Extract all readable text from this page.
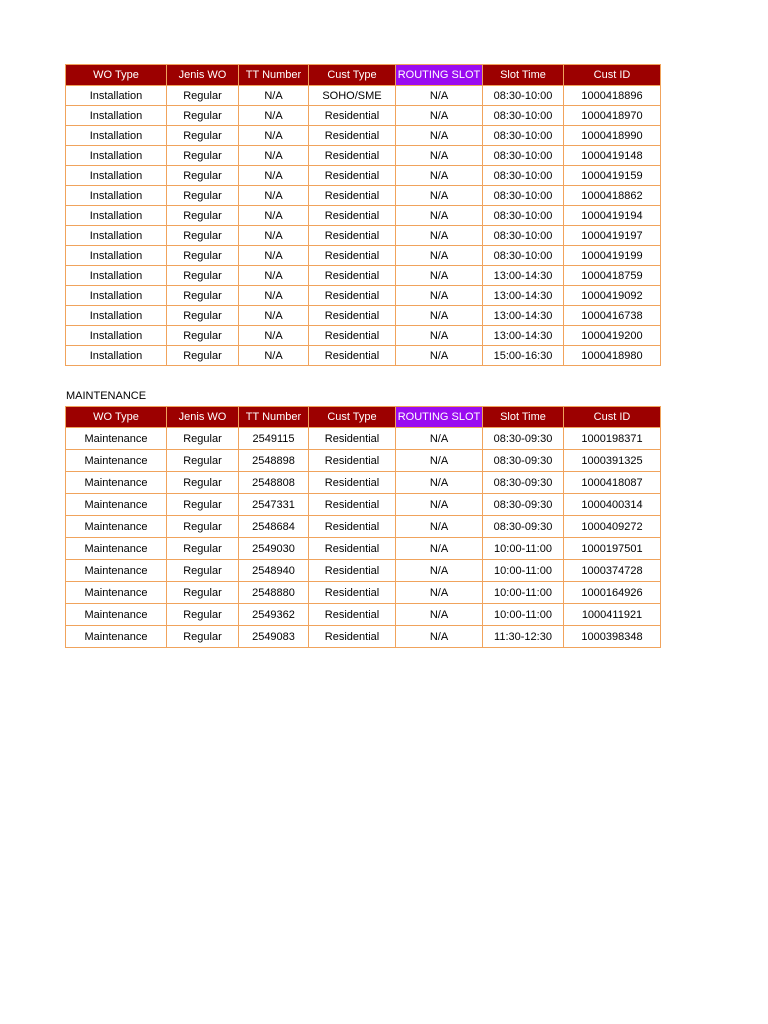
WO Type	Jenis WO	TT Number	Cust Type	ROUTING SLOT	Slot Time	Cust ID
Installation	Regular	N/A	SOHO/SME	N/A	08:30-10:00	1000418896
Installation	Regular	N/A	Residential	N/A	08:30-10:00	1000418970
Installation	Regular	N/A	Residential	N/A	08:30-10:00	1000418990
Installation	Regular	N/A	Residential	N/A	08:30-10:00	1000419148
Installation	Regular	N/A	Residential	N/A	08:30-10:00	1000419159
Installation	Regular	N/A	Residential	N/A	08:30-10:00	1000418862
Installation	Regular	N/A	Residential	N/A	08:30-10:00	1000419194
Installation	Regular	N/A	Residential	N/A	08:30-10:00	1000419197
Installation	Regular	N/A	Residential	N/A	08:30-10:00	1000419199
Installation	Regular	N/A	Residential	N/A	13:00-14:30	1000418759
Installation	Regular	N/A	Residential	N/A	13:00-14:30	1000419092
Installation	Regular	N/A	Residential	N/A	13:00-14:30	1000416738
Installation	Regular	N/A	Residential	N/A	13:00-14:30	1000419200
Installation	Regular	N/A	Residential	N/A	15:00-16:30	1000418980
MAINTENANCE
WO Type	Jenis WO	TT Number	Cust Type	ROUTING SLOT	Slot Time	Cust ID
Maintenance	Regular	2549115	Residential	N/A	08:30-09:30	1000198371
Maintenance	Regular	2548898	Residential	N/A	08:30-09:30	1000391325
Maintenance	Regular	2548808	Residential	N/A	08:30-09:30	1000418087
Maintenance	Regular	2547331	Residential	N/A	08:30-09:30	1000400314
Maintenance	Regular	2548684	Residential	N/A	08:30-09:30	1000409272
Maintenance	Regular	2549030	Residential	N/A	10:00-11:00	1000197501
Maintenance	Regular	2548940	Residential	N/A	10:00-11:00	1000374728
Maintenance	Regular	2548880	Residential	N/A	10:00-11:00	1000164926
Maintenance	Regular	2549362	Residential	N/A	10:00-11:00	1000411921
Maintenance	Regular	2549083	Residential	N/A	11:30-12:30	1000398348
